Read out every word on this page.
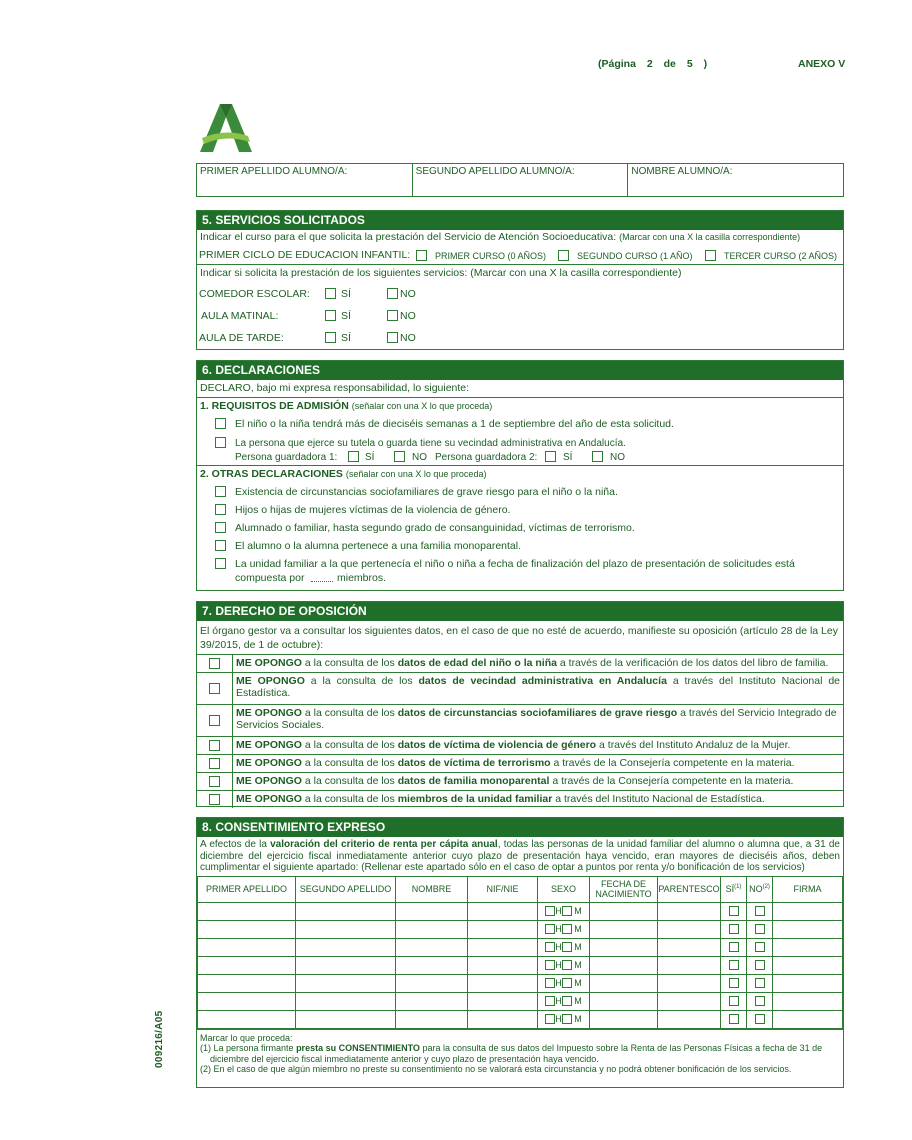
(Página 2 de 5 )	ANEXO V
009216/A05
PRIMER APELLIDO ALUMNO/A:	SEGUNDO APELLIDO ALUMNO/A:	NOMBRE ALUMNO/A:
5. SERVICIOS SOLICITADOS
Indicar el curso para el que solicita la prestación del Servicio de Atención Socioeducativa: (Marcar con una X la casilla correspondiente)
PRIMER CICLO DE EDUCACION INFANTIL:	PRIMER CURSO (0 AÑOS)	SEGUNDO CURSO (1 AÑO)	TERCER CURSO (2 AÑOS)
Indicar si solicita la prestación de los siguientes servicios: (Marcar con una X la casilla correspondiente)
COMEDOR ESCOLAR:	SÍ	NO
AULA MATINAL:	SÍ	NO
AULA DE TARDE:	SÍ	NO
6. DECLARACIONES
DECLARO, bajo mi expresa responsabilidad, lo siguiente:
1. REQUISITOS DE ADMISIÓN (señalar con una X lo que proceda)
El niño o la niña tendrá más de dieciséis semanas a 1 de septiembre del año de esta solicitud.
La persona que ejerce su tutela o guarda tiene su vecindad administrativa en Andalucía.
Persona guardadora 1:	SÍ	NO Persona guardadora 2:	SÍ	NO
2. OTRAS DECLARACIONES (señalar con una X lo que proceda)
Existencia de circunstancias sociofamiliares de grave riesgo para el niño o la niña.
Hijos o hijas de mujeres víctimas de la violencia de género.
Alumnado o familiar, hasta segundo grado de consanguinidad, víctimas de terrorismo.
El alumno o la alumna pertenece a una familia monoparental.
La unidad familiar a la que pertenecía el niño o niña a fecha de finalización del plazo de presentación de solicitudes está
compuesta por	miembros.
7. DERECHO DE OPOSICIÓN
El órgano gestor va a consultar los siguientes datos, en el caso de que no esté de acuerdo, manifieste su oposición (artículo 28 de la Ley 39/2015, de 1 de octubre):
ME OPONGO a la consulta de los datos de edad del niño o la niña a través de la verificación de los datos del libro de familia.
ME OPONGO a la consulta de los datos de vecindad administrativa en Andalucía a través del Instituto Nacional de Estadística.
ME OPONGO a la consulta de los datos de circunstancias sociofamiliares de grave riesgo a través del Servicio Integrado de Servicios Sociales.
ME OPONGO a la consulta de los datos de víctima de violencia de género a través del Instituto Andaluz de la Mujer.
ME OPONGO a la consulta de los datos de víctima de terrorismo a través de la Consejería competente en la materia.
ME OPONGO a la consulta de los datos de familia monoparental a través de la Consejería competente en la materia.
ME OPONGO a la consulta de los miembros de la unidad familiar a través del Instituto Nacional de Estadística.
8. CONSENTIMIENTO EXPRESO
A efectos de la valoración del criterio de renta per cápita anual, todas las personas de la unidad familiar del alumno o alumna que, a 31 de diciembre del ejercicio fiscal inmediatamente anterior cuyo plazo de presentación haya vencido, eran mayores de dieciséis años, deben cumplimentar el siguiente apartado: (Rellenar este apartado sólo en el caso de optar a puntos por renta y/o bonificación de los servicios)
PRIMER APELLIDO	SEGUNDO APELLIDO	NOMBRE	NIF/NIE	SEXO	FECHA DE NACIMIENTO	PARENTESCO	SÍ$^{(1)}$	NO$^{(2)}$	FIRMA
				H M					
				H M					
				H M					
				H M					
				H M					
				H M					
				H M					
Marcar lo que proceda:
(1) La persona firmante presta su CONSENTIMIENTO para la consulta de sus datos del Impuesto sobre la Renta de las Personas Físicas a fecha de 31 de diciembre del ejercicio fiscal inmediatamente anterior y cuyo plazo de presentación haya vencido.
(2) En el caso de que algún miembro no preste su consentimiento no se valorará esta circunstancia y no podrá obtener bonificación de los servicios.
